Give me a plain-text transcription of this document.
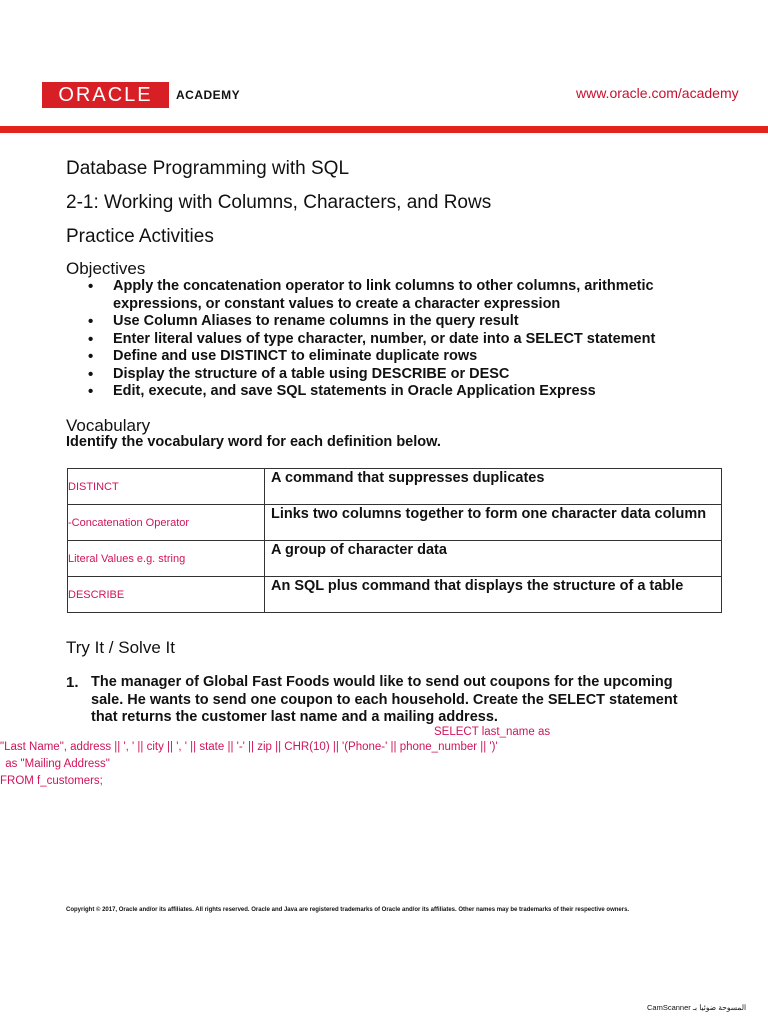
ORACLE ACADEMY	www.oracle.com/academy
Database Programming with SQL
2-1: Working with Columns, Characters, and Rows
Practice Activities
Objectives
• Apply the concatenation operator to link columns to other columns, arithmetic expressions, or constant values to create a character expression
• Use Column Aliases to rename columns in the query result
• Enter literal values of type character, number, or date into a SELECT statement
• Define and use DISTINCT to eliminate duplicate rows
• Display the structure of a table using DESCRIBE or DESC
• Edit, execute, and save SQL statements in Oracle Application Express
Vocabulary
Identify the vocabulary word for each definition below.
DISTINCT	A command that suppresses duplicates
-Concatenation Operator	Links two columns together to form one character data column
Literal Values e.g. string	A group of character data
DESCRIBE	An SQL plus command that displays the structure of a table
Try It / Solve It
1. The manager of Global Fast Foods would like to send out coupons for the upcoming sale. He wants to send one coupon to each household. Create the SELECT statement that returns the customer last name and a mailing address.
SELECT last_name as
"Last Name", address || ', ' || city || ', ' || state || '-' || zip || CHR(10) || '(Phone-' || phone_number || ')'
as "Mailing Address"
FROM f_customers;
Copyright © 2017, Oracle and/or its affiliates. All rights reserved. Oracle and Java are registered trademarks of Oracle and/or its affiliates. Other names may be trademarks of their respective owners.
CamScanner المسوحة ضوئيا بـ
